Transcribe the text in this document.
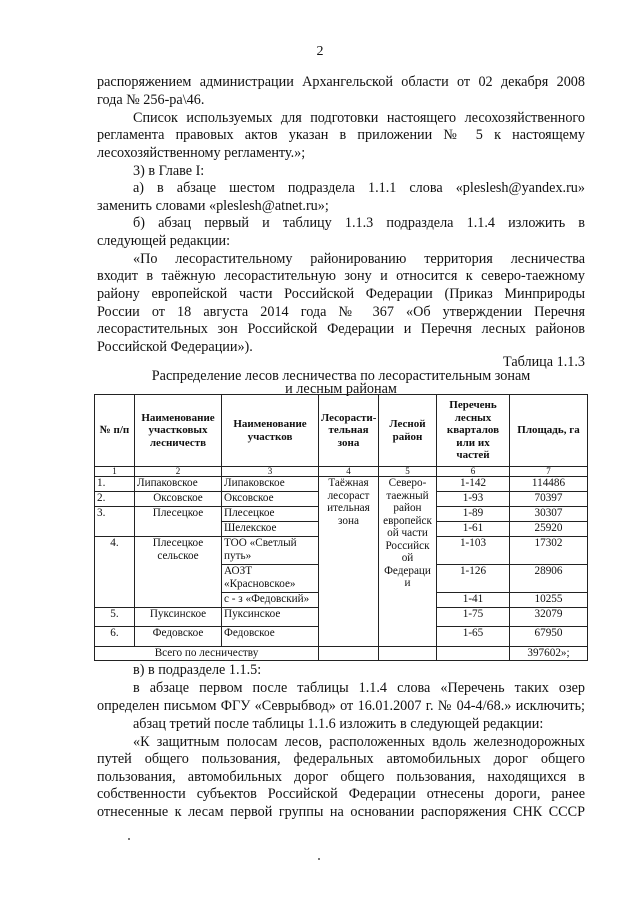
2
распоряжением администрации Архангельской области от 02 декабря 2008
года № 256-ра\46.
Список используемых для подготовки настоящего лесохозяйственного
регламента правовых актов указан в приложении № 5 к настоящему
лесохозяйственному регламенту.»;
3) в Главе I:
а) в абзаце шестом подраздела 1.1.1 слова «pleslesh@yandex.ru»
заменить словами «pleslesh@atnet.ru»;
б) абзац первый и таблицу 1.1.3 подраздела 1.1.4 изложить в
следующей редакции:
«По лесорастительному районированию территория лесничества
входит в таёжную лесорастительную зону и относится к северо-таежному
району европейской части Российской Федерации (Приказ Минприроды
России от 18 августа 2014 года № 367 «Об утверждении Перечня
лесорастительных зон Российской Федерации и Перечня лесных районов
Российской Федерации»).
Таблица 1.1.3
Распределение лесов лесничества по лесорастительным зонам
и лесным районам
№ п/п	Наименование участковых лесничеств	Наименование участков	Лесорасти-тельная зона	Лесной район	Перечень лесных кварталов или их частей	Площадь, га
1	2	3	4	5	6	7
1.	Липаковское	Липаковское	Таёжная лесораст ительная зона	Северо-таежный район европейск ой части Российск ой Федераци и	1-142	114486
2.	Оксовское	Оксовское			1-93	70397
3.	Плесецкое	Плесецкое			1-89	30307
		Шелекское			1-61	25920
4.	Плесецкое сельское	ТОО «Светлый путь»			1-103	17302
		АОЗТ «Красновское»			1-126	28906
		с - з «Федовский»			1-41	10255
5.	Пуксинское	Пуксинское			1-75	32079
6.	Федовское	Федовское			1-65	67950
Всего по лесничеству						397602»;
в) в подразделе 1.1.5:
в абзаце первом после таблицы 1.1.4 слова «Перечень таких озер
определен письмом ФГУ «Севрыбвод» от 16.01.2007 г. № 04-4/68.» исключить;
абзац третий после таблицы 1.1.6 изложить в следующей редакции:
«К защитным полосам лесов, расположенных вдоль железнодорожных
путей общего пользования, федеральных автомобильных дорог общего
пользования, автомобильных дорог общего пользования, находящихся в
собственности субъектов Российской Федерации отнесены дороги, ранее
отнесенные к лесам первой группы на основании распоряжения СНК СССР
